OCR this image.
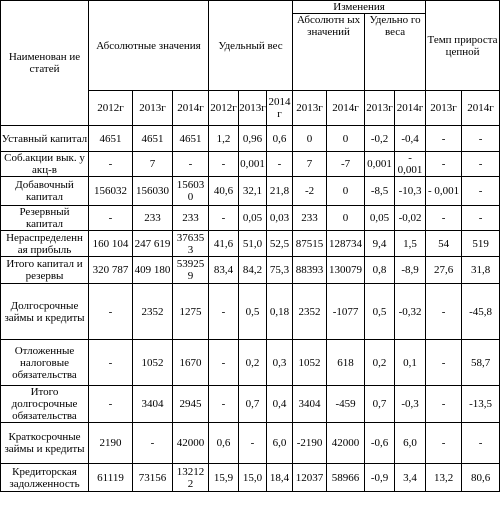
Наименован ие статей	Абсолютные значения			Удельный вес			Изменения				Темп прироста цепной	
							Абсолютн ых значений		Удельно го веса			
	2012г	2013г	2014г	2012г	2013г	2014 г	2013г	2014г	2013г	2014г	2013г	2014г
Уставный капитал	4651	4651	4651	1,2	0,96	0,6	0	0	-0,2	-0,4	-	-
Соб.акции вык. у акц-в	-	7	-	-	0,001	-	7	-7	0,001	- 0,001	-	-
Добавочный капитал	156032	156030	15603 0	40,6	32,1	21,8	-2	0	-8,5	-10,3	- 0,001	-
Резервный капитал	-	233	233	-	0,05	0,03	233	0	0,05	-0,02	-	-
Нераспределенн ая прибыль	160 104	247 619	37635 3	41,6	51,0	52,5	87515	128734	9,4	1,5	54	519
Итого капитал и резервы	320 787	409 180	53925 9	83,4	84,2	75,3	88393	130079	0,8	-8,9	27,6	31,8
Долгосрочные займы и кредиты	-	2352	1275	-	0,5	0,18	2352	-1077	0,5	-0,32	-	-45,8
Отложенные налоговые обязательства	-	1052	1670	-	0,2	0,3	1052	618	0,2	0,1	-	58,7
Итого долгосрочные обязательства	-	3404	2945	-	0,7	0,4	3404	-459	0,7	-0,3	-	-13,5
Краткосрочные займы и кредиты	2190	-	42000	0,6	-	6,0	-2190	42000	-0,6	6,0	-	-
Кредиторская задолженность	61119	73156	13212 2	15,9	15,0	18,4	12037	58966	-0,9	3,4	13,2	80,6
